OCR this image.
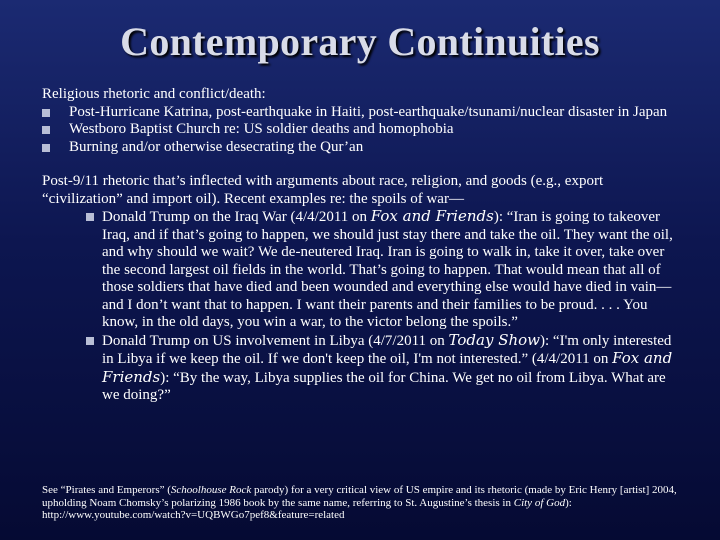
Contemporary Continuities

Religious rhetoric and conflict/death:

Post-Hurricane Katrina, post-earthquake in Haiti, post-earthquake/tsunami/nuclear disaster in Japan

Westboro Baptist Church re: US soldier deaths and homophobia

Burning and/or otherwise desecrating the Qur’an

Post-9/11 rhetoric that’s inflected with arguments about race, religion, and goods (e.g., export “civilization” and import oil). Recent examples re: the spoils of war—

Donald Trump on the Iraq War (4/4/2011 on Fox and Friends): “Iran is going to takeover Iraq, and if that’s going to happen, we should just stay there and take the oil. They want the oil, and why should we wait? We de-neutered Iraq. Iran is going to walk in, take it over, take over the second largest oil fields in the world. That’s going to happen. That would mean that all of those soldiers that have died and been wounded and everything else would have died in vain—and I don’t want that to happen. I want their parents and their families to be proud. . . . You know, in the old days, you win a war, to the victor belong the spoils.”

Donald Trump on US involvement in Libya (4/7/2011 on Today Show): “I'm only interested in Libya if we keep the oil. If we don't keep the oil, I'm not interested.” (4/4/2011 on Fox and Friends): “By the way, Libya supplies the oil for China. We get no oil from Libya. What are we doing?”

See “Pirates and Emperors” (Schoolhouse Rock parody) for a very critical view of US empire and its rhetoric (made by Eric Henry [artist] 2004, upholding Noam Chomsky’s polarizing 1986 book by the same name, referring to St. Augustine’s thesis in City of God):
http://www.youtube.com/watch?v=UQBWGo7pef8&feature=related
